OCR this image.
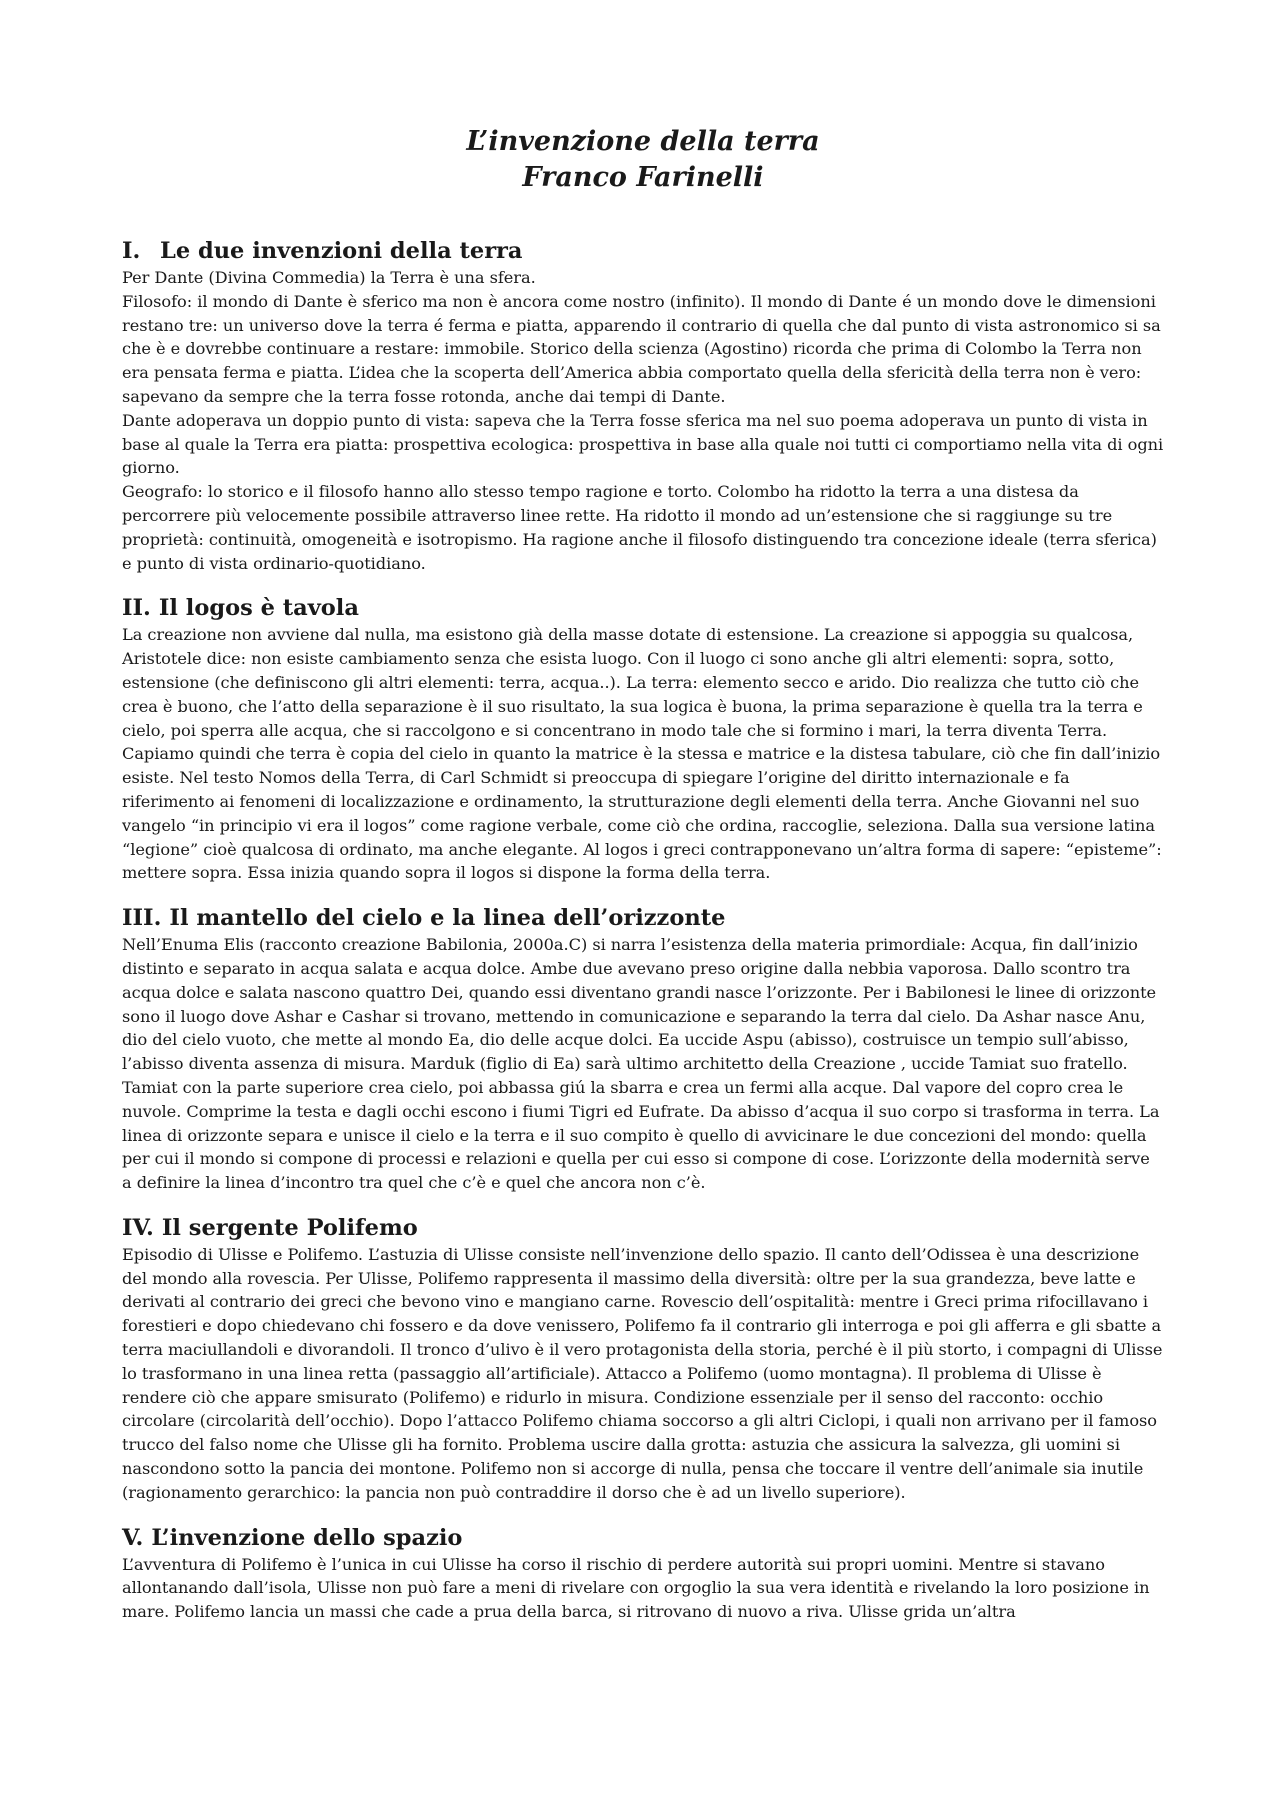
L’invenzione della terra
Franco Farinelli
I. Le due invenzioni della terra

Per Dante (Divina Commedia) la Terra è una sfera.

Filosofo: il mondo di Dante è sferico ma non è ancora come nostro (infinito). Il mondo di Dante é un mondo dove le dimensioni restano tre: un universo dove la terra é ferma e piatta, apparendo il contrario di quella che dal punto di vista astronomico si sa che è e dovrebbe continuare a restare: immobile. Storico della scienza (Agostino) ricorda che prima di Colombo la Terra non era pensata ferma e piatta. L’idea che la scoperta dell’America abbia comportato quella della sfericità della terra non è vero: sapevano da sempre che la terra fosse rotonda, anche dai tempi di Dante.

Dante adoperava un doppio punto di vista: sapeva che la Terra fosse sferica ma nel suo poema adoperava un punto di vista in base al quale la Terra era piatta: prospettiva ecologica: prospettiva in base alla quale noi tutti ci comportiamo nella vita di ogni giorno.

Geografo: lo storico e il filosofo hanno allo stesso tempo ragione e torto. Colombo ha ridotto la terra a una distesa da percorrere più velocemente possibile attraverso linee rette. Ha ridotto il mondo ad un’estensione che si raggiunge su tre proprietà: continuità, omogeneità e isotropismo. Ha ragione anche il filosofo distinguendo tra concezione ideale (terra sferica) e punto di vista ordinario-quotidiano.

II. Il logos è tavola

La creazione non avviene dal nulla, ma esistono già della masse dotate di estensione. La creazione si appoggia su qualcosa, Aristotele dice: non esiste cambiamento senza che esista luogo. Con il luogo ci sono anche gli altri elementi: sopra, sotto, estensione (che definiscono gli altri elementi: terra, acqua..). La terra: elemento secco e arido. Dio realizza che tutto ciò che crea è buono, che l’atto della separazione è il suo risultato, la sua logica è buona, la prima separazione è quella tra la terra e cielo, poi sperra alle acqua, che si raccolgono e si concentrano in modo tale che si formino i mari, la terra diventa Terra. Capiamo quindi che terra è copia del cielo in quanto la matrice è la stessa e matrice e la distesa tabulare, ciò che fin dall’inizio esiste. Nel testo Nomos della Terra, di Carl Schmidt si preoccupa di spiegare l’origine del diritto internazionale e fa riferimento ai fenomeni di localizzazione e ordinamento, la strutturazione degli elementi della terra. Anche Giovanni nel suo vangelo “in principio vi era il logos” come ragione verbale, come ciò che ordina, raccoglie, seleziona. Dalla sua versione latina “legione” cioè qualcosa di ordinato, ma anche elegante. Al logos i greci contrapponevano un’altra forma di sapere: “episteme”: mettere sopra. Essa inizia quando sopra il logos si dispone la forma della terra.

III. Il mantello del cielo e la linea dell’orizzonte

Nell’Enuma Elis (racconto creazione Babilonia, 2000a.C) si narra l’esistenza della materia primordiale: Acqua, fin dall’inizio distinto e separato in acqua salata e acqua dolce. Ambe due avevano preso origine dalla nebbia vaporosa. Dallo scontro tra acqua dolce e salata nascono quattro Dei, quando essi diventano grandi nasce l’orizzonte. Per i Babilonesi le linee di orizzonte sono il luogo dove Ashar e Cashar si trovano, mettendo in comunicazione e separando la terra dal cielo. Da Ashar nasce Anu, dio del cielo vuoto, che mette al mondo Ea, dio delle acque dolci. Ea uccide Aspu (abisso), costruisce un tempio sull’abisso, l’abisso diventa assenza di misura. Marduk (figlio di Ea) sarà ultimo architetto della Creazione , uccide Tamiat suo fratello. Tamiat con la parte superiore crea cielo, poi abbassa giú la sbarra e crea un fermi alla acque. Dal vapore del copro crea le nuvole. Comprime la testa e dagli occhi escono i fiumi Tigri ed Eufrate. Da abisso d’acqua il suo corpo si trasforma in terra. La linea di orizzonte separa e unisce il cielo e la terra e il suo compito è quello di avvicinare le due concezioni del mondo: quella per cui il mondo si compone di processi e relazioni e quella per cui esso si compone di cose. L’orizzonte della modernità serve a definire la linea d’incontro tra quel che c’è e quel che ancora non c’è.

IV. Il sergente Polifemo

Episodio di Ulisse e Polifemo. L’astuzia di Ulisse consiste nell’invenzione dello spazio. Il canto dell’Odissea è una descrizione del mondo alla rovescia. Per Ulisse, Polifemo rappresenta il massimo della diversità: oltre per la sua grandezza, beve latte e derivati al contrario dei greci che bevono vino e mangiano carne. Rovescio dell’ospitalità: mentre i Greci prima rifocillavano i forestieri e dopo chiedevano chi fossero e da dove venissero, Polifemo fa il contrario gli interroga e poi gli afferra e gli sbatte a terra maciullandoli e divorandoli. Il tronco d’ulivo è il vero protagonista della storia, perché è il più storto, i compagni di Ulisse lo trasformano in una linea retta (passaggio all’artificiale). Attacco a Polifemo (uomo montagna). Il problema di Ulisse è rendere ciò che appare smisurato (Polifemo) e ridurlo in misura. Condizione essenziale per il senso del racconto: occhio circolare (circolarità dell’occhio). Dopo l’attacco Polifemo chiama soccorso a gli altri Ciclopi, i quali non arrivano per il famoso trucco del falso nome che Ulisse gli ha fornito. Problema uscire dalla grotta: astuzia che assicura la salvezza, gli uomini si nascondono sotto la pancia dei montone. Polifemo non si accorge di nulla, pensa che toccare il ventre dell’animale sia inutile (ragionamento gerarchico: la pancia non può contraddire il dorso che è ad un livello superiore).

V. L’invenzione dello spazio

L’avventura di Polifemo è l’unica in cui Ulisse ha corso il rischio di perdere autorità sui propri uomini. Mentre si stavano allontanando dall’isola, Ulisse non può fare a meni di rivelare con orgoglio la sua vera identità e rivelando la loro posizione in mare. Polifemo lancia un massi che cade a prua della barca, si ritrovano di nuovo a riva. Ulisse grida un’altra
